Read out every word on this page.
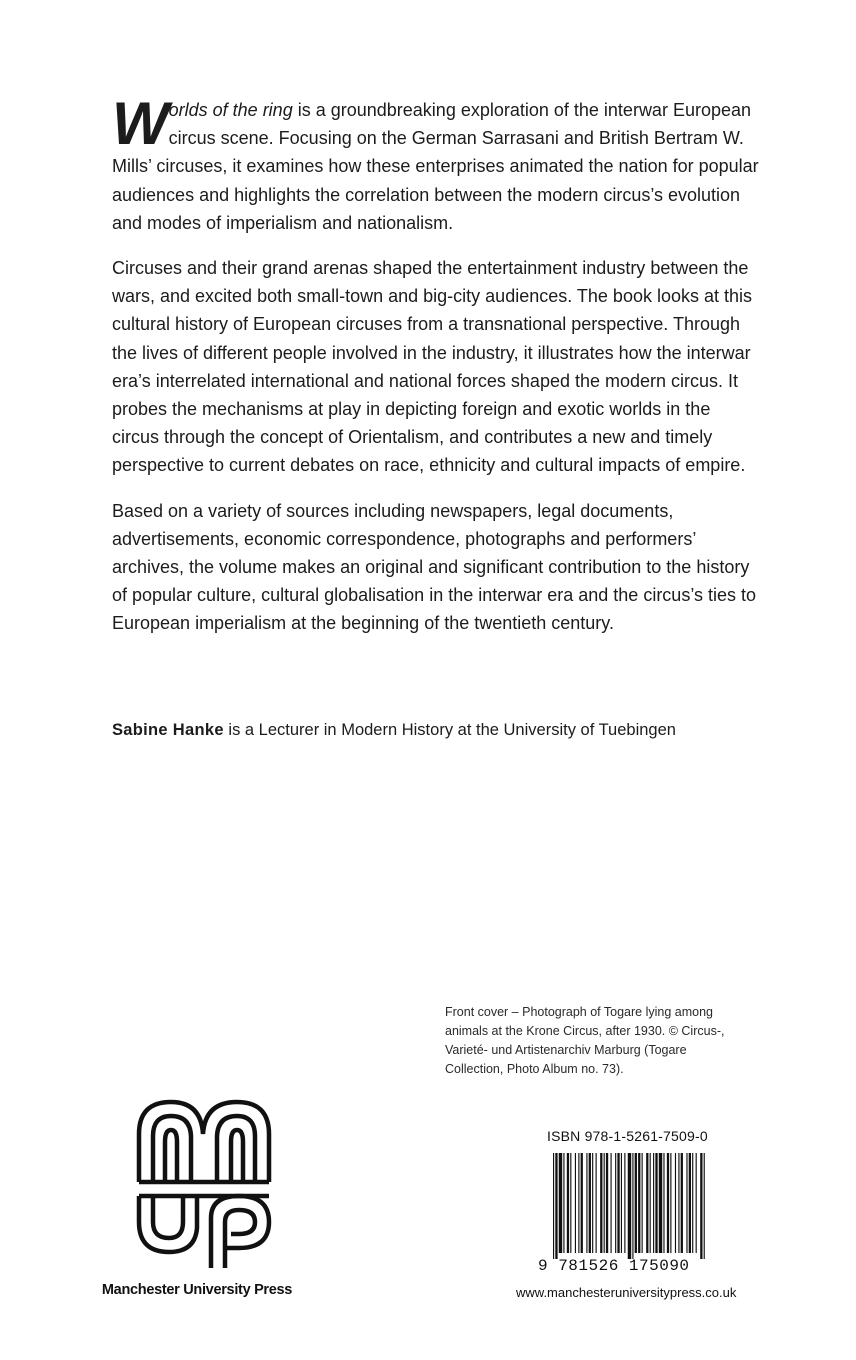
Worlds of the ring is a groundbreaking exploration of the interwar European circus scene. Focusing on the German Sarrasani and British Bertram W. Mills’ circuses, it examines how these enterprises animated the nation for popular audiences and highlights the correlation between the modern circus’s evolution and modes of imperialism and nationalism.

Circuses and their grand arenas shaped the entertainment industry between the wars, and excited both small-town and big-city audiences. The book looks at this cultural history of European circuses from a transnational perspective. Through the lives of different people involved in the industry, it illustrates how the interwar era’s interrelated international and national forces shaped the modern circus. It probes the mechanisms at play in depicting foreign and exotic worlds in the circus through the concept of Orientalism, and contributes a new and timely perspective to current debates on race, ethnicity and cultural impacts of empire.

Based on a variety of sources including newspapers, legal documents, advertisements, economic correspondence, photographs and performers’ archives, the volume makes an original and significant contribution to the history of popular culture, cultural globalisation in the interwar era and the circus’s ties to European imperialism at the beginning of the twentieth century.

Sabine Hanke is a Lecturer in Modern History at the University of Tuebingen
Front cover – Photograph of Togare lying among animals at the Krone Circus, after 1930. © Circus-, Varieté- und Artistenarchiv Marburg (Togare Collection, Photo Album no. 73).
Manchester University Press
ISBN 978-1-5261-7509-0
9 781526 175090
www.manchesteruniversitypress.co.uk
